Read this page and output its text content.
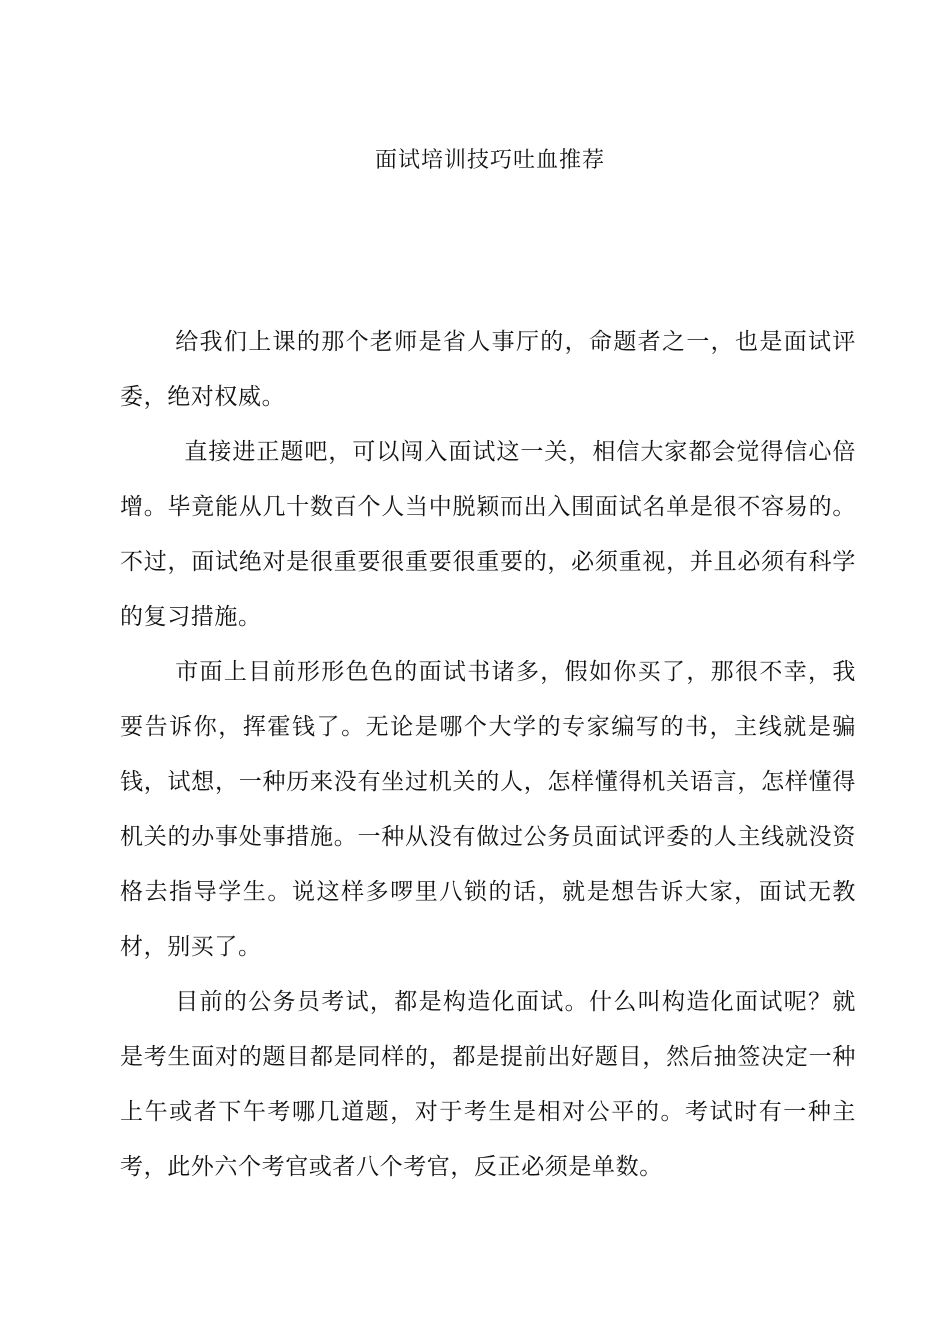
面试培训技巧吐血推荐

给我们上课的那个老师是省人事厅的，命题者之一，也是面试评委，绝对权威。

直接进正题吧，可以闯入面试这一关，相信大家都会觉得信心倍增。毕竟能从几十数百个人当中脱颖而出入围面试名单是很不容易的。不过，面试绝对是很重要很重要很重要的，必须重视，并且必须有科学的复习措施。

市面上目前形形色色的面试书诸多，假如你买了，那很不幸，我要告诉你，挥霍钱了。无论是哪个大学的专家编写的书，主线就是骗钱，试想，一种历来没有坐过机关的人，怎样懂得机关语言，怎样懂得机关的办事处事措施。一种从没有做过公务员面试评委的人主线就没资格去指导学生。说这样多啰里八锁的话，就是想告诉大家，面试无教材，别买了。

目前的公务员考试，都是构造化面试。什么叫构造化面试呢？就是考生面对的题目都是同样的，都是提前出好题目，然后抽签决定一种上午或者下午考哪几道题，对于考生是相对公平的。考试时有一种主考，此外六个考官或者八个考官，反正必须是单数。
